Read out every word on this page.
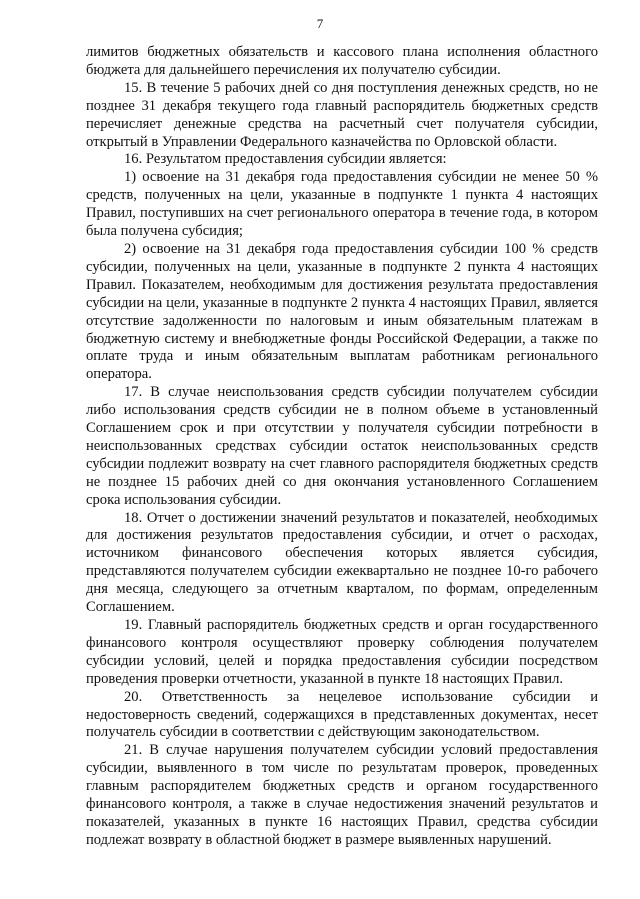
7

лимитов бюджетных обязательств и кассового плана исполнения областного бюджета для дальнейшего перечисления их получателю субсидии.

15. В течение 5 рабочих дней со дня поступления денежных средств, но не позднее 31 декабря текущего года главный распорядитель бюджетных средств перечисляет денежные средства на расчетный счет получателя субсидии, открытый в Управлении Федерального казначейства по Орловской области.

16. Результатом предоставления субсидии является:

1) освоение на 31 декабря года предоставления субсидии не менее 50 % средств, полученных на цели, указанные в подпункте 1 пункта 4 настоящих Правил, поступивших на счет регионального оператора в течение года, в котором была получена субсидия;

2) освоение на 31 декабря года предоставления субсидии 100 % средств субсидии, полученных на цели, указанные в подпункте 2 пункта 4 настоящих Правил. Показателем, необходимым для достижения результата предоставления субсидии на цели, указанные в подпункте 2 пункта 4 настоящих Правил, является отсутствие задолженности по налоговым и иным обязательным платежам в бюджетную систему и внебюджетные фонды Российской Федерации, а также по оплате труда и иным обязательным выплатам работникам регионального оператора.

17. В случае неиспользования средств субсидии получателем субсидии либо использования средств субсидии не в полном объеме в установленный Соглашением срок и при отсутствии у получателя субсидии потребности в неиспользованных средствах субсидии остаток неиспользованных средств субсидии подлежит возврату на счет главного распорядителя бюджетных средств не позднее 15 рабочих дней со дня окончания установленного Соглашением срока использования субсидии.

18. Отчет о достижении значений результатов и показателей, необходимых для достижения результатов предоставления субсидии, и отчет о расходах, источником финансового обеспечения которых является субсидия, представляются получателем субсидии ежеквартально не позднее 10-го рабочего дня месяца, следующего за отчетным кварталом, по формам, определенным Соглашением.

19. Главный распорядитель бюджетных средств и орган государственного финансового контроля осуществляют проверку соблюдения получателем субсидии условий, целей и порядка предоставления субсидии посредством проведения проверки отчетности, указанной в пункте 18 настоящих Правил.

20. Ответственность за нецелевое использование субсидии и недостоверность сведений, содержащихся в представленных документах, несет получатель субсидии в соответствии с действующим законодательством.

21. В случае нарушения получателем субсидии условий предоставления субсидии, выявленного в том числе по результатам проверок, проведенных главным распорядителем бюджетных средств и органом государственного финансового контроля, а также в случае недостижения значений результатов и показателей, указанных в пункте 16 настоящих Правил, средства субсидии подлежат возврату в областной бюджет в размере выявленных нарушений.
